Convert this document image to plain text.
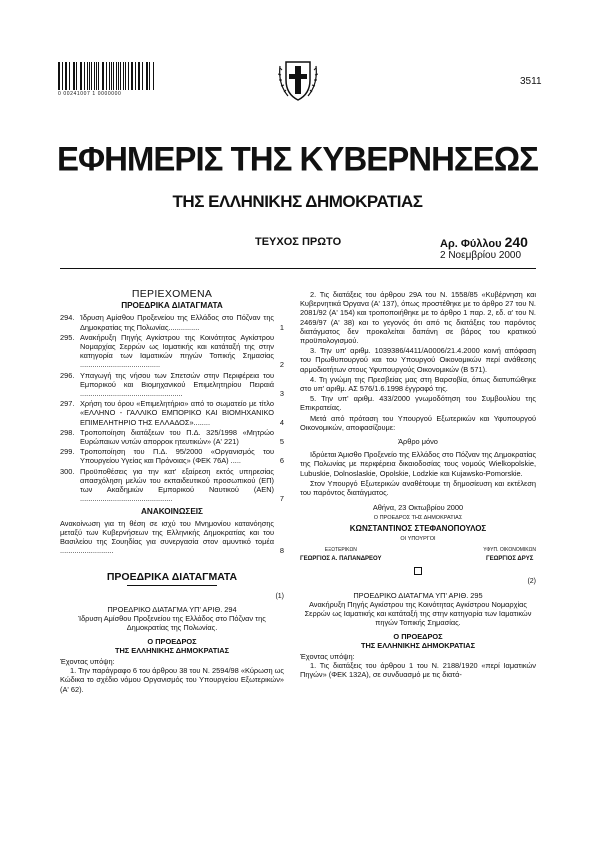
0 00241007 1 0000000
3511
ΕΦΗΜΕΡΙΣ ΤΗΣ ΚΥΒΕΡΝΗΣΕΩΣ
ΤΗΣ ΕΛΛΗΝΙΚΗΣ ΔΗΜΟΚΡΑΤΙΑΣ
ΤΕΥΧΟΣ ΠΡΩΤΟ	Αρ. Φύλλου 240
2 Νοεμβρίου 2000
ΠΕΡΙΕΧΟΜΕΝΑ
ΠΡΟΕΔΡΙΚΑ ΔΙΑΤΑΓΜΑΤΑ
294. Ίδρυση Αμίσθου Προξενείου της Ελλάδος στο Πόζναν της Δημοκρατίας της Πολωνίας...............	1
295. Ανακήρυξη Πηγής Αγκίστρου της Κοινότητας Αγκίστρου Νομαρχίας Σερρών ως Ιαματικής και κατάταξή της στην κατηγορία των Ιαματικών πηγών Τοπικής Σημασίας .......................................	2
296. Υπαγωγή της νήσου των Σπετσών στην Περιφέρεια του Εμπορικού και Βιομηχανικού Επιμελητηρίου Πειραιά ..................................................	3
297. Χρήση του όρου «Επιμελητήριο» από το σωματείο με τίτλο «ΕΛΛΗΝΟ - ΓΑΛΛΙΚΟ ΕΜΠΟΡΙΚΟ ΚΑΙ ΒΙΟΜΗΧΑΝΙΚΟ ΕΠΙΜΕΛΗΤΗΡΙΟ ΤΗΣ ΕΛΛΑΔΟΣ»........	4
298. Τροποποίηση διατάξεων του Π.Δ. 325/1998 «Μητρώο Ευρώπαιων νυτών απορροκ ητευτικών» (Α' 221)	5
299. Τροποποίηση του Π.Δ. 95/2000 «Οργανισμός του Υπουργείου Υγείας και Πρόνοιας» (ΦΕΚ 76Α) .....	6
300. Προϋποθέσεις για την κατ' εξαίρεση εκτός υπηρεσίας απασχόληση μελών του εκπαιδευτικού προσωπικού (ΕΠ) των Ακαδημιών Εμπορικού Ναυτικού (ΑΕΝ) .............................................	7
ΑΝΑΚΟΙΝΩΣΕΙΣ
Ανακοίνωση για τη θέση σε ισχύ του Μνημονίου κατανόησης μεταξύ των Κυβερνήσεων της Ελληνικής Δημοκρατίας και του Βασιλείου της Σουηδίας για συνεργασία στον αμυντικό τομέα ..........................	8
ΠΡΟΕΔΡΙΚΑ ΔΙΑΤΑΓΜΑΤΑ
(1)
ΠΡΟΕΔΡΙΚΟ ΔΙΑΤΑΓΜΑ ΥΠ' ΑΡΙΘ. 294
Ίδρυση Αμίσθου Προξενείου της Ελλάδος στο Πόζναν της Δημοκρατίας της Πολωνίας.
Ο ΠΡΟΕΔΡΟΣ
ΤΗΣ ΕΛΛΗΝΙΚΗΣ ΔΗΜΟΚΡΑΤΙΑΣ
Έχοντας υπόψη:
1. Την παράγραφο 6 του άρθρου 38 του Ν. 2594/98 «Κύρωση ως Κώδικα το σχέδιο νόμου Οργανισμός του Υπουργείου Εξωτερικών» (Α' 62).
2. Τις διατάξεις του άρθρου 29Α του Ν. 1558/85 «Κυβέρνηση και Κυβερνητικά Όργανα (Α' 137), όπως προστέθηκε με το άρθρο 27 του Ν. 2081/92 (Α' 154) και τροποποιήθηκε με το άρθρο 1 παρ. 2, εδ. α' του Ν. 2469/97 (Α' 38) και το γεγονός ότι από τις διατάξεις του παρόντος διατάγματος δεν προκαλείται δαπάνη σε βάρος του κρατικού προϋπολογισμού.
3. Την υπ' αριθμ. 1039386/4411/Α0006/21.4.2000 κοινή απόφαση του Πρωθυπουργού και του Υπουργού Οικονομικών περί ανάθεσης αρμοδιοτήτων στους Υφυπουργούς Οικονομικών (Β 571).
4. Τη γνώμη της Πρεσβείας μας στη Βαρσοβία, όπως διατυπώθηκε στο υπ' αριθμ. ΑΣ 576/1.6.1998 έγγραφό της.
5. Την υπ' αριθμ. 433/2000 γνωμοδότηση του Συμβουλίου της Επικρατείας.
Μετά από πρόταση του Υπουργού Εξωτερικών και Υφυπουργού Οικονομικών, αποφασίζουμε:
Άρθρο μόνο
Ιδρύεται Άμισθο Προξενείο της Ελλάδος στο Πόζναν της Δημοκρατίας της Πολωνίας με περιφέρεια δικαιοδοσίας τους νομούς Wielkopolskie, Lubuskie, Dolnoslaskie, Opolskie, Lodzkie και Kujawsko-Pomorskie.
Στον Υπουργό Εξωτερικών αναθέτουμε τη δημοσίευση και εκτέλεση του παρόντος διατάγματος.
Αθήνα, 23 Οκτωβρίου 2000
Ο ΠΡΟΕΔΡΟΣ ΤΗΣ ΔΗΜΟΚΡΑΤΙΑΣ
ΚΩΝΣΤΑΝΤΙΝΟΣ ΣΤΕΦΑΝΟΠΟΥΛΟΣ
ΟΙ ΥΠΟΥΡΓΟΙ
ΕΞΩΤΕΡΙΚΩΝ
ΓΕΩΡΓΙΟΣ Α. ΠΑΠΑΝΔΡΕΟΥ
ΥΦΥΠ. ΟΙΚΟΝΟΜΙΚΩΝ
ΓΕΩΡΓΙΟΣ ΔΡΥΣ
(2)
ΠΡΟΕΔΡΙΚΟ ΔΙΑΤΑΓΜΑ ΥΠ' ΑΡΙΘ. 295
Ανακήρυξη Πηγής Αγκίστρου της Κοινότητας Αγκίστρου Νομαρχίας Σερρών ως Ιαματικής και κατάταξή της στην κατηγορία των Ιαματικών πηγών Τοπικής Σημασίας.
Ο ΠΡΟΕΔΡΟΣ
ΤΗΣ ΕΛΛΗΝΙΚΗΣ ΔΗΜΟΚΡΑΤΙΑΣ
Έχοντας υπόψη:
1. Τις διατάξεις του άρθρου 1 του Ν. 2188/1920 «περί Ιαματικών Πηγών» (ΦΕΚ 132Α), σε συνδυασμό με τις διατά-
